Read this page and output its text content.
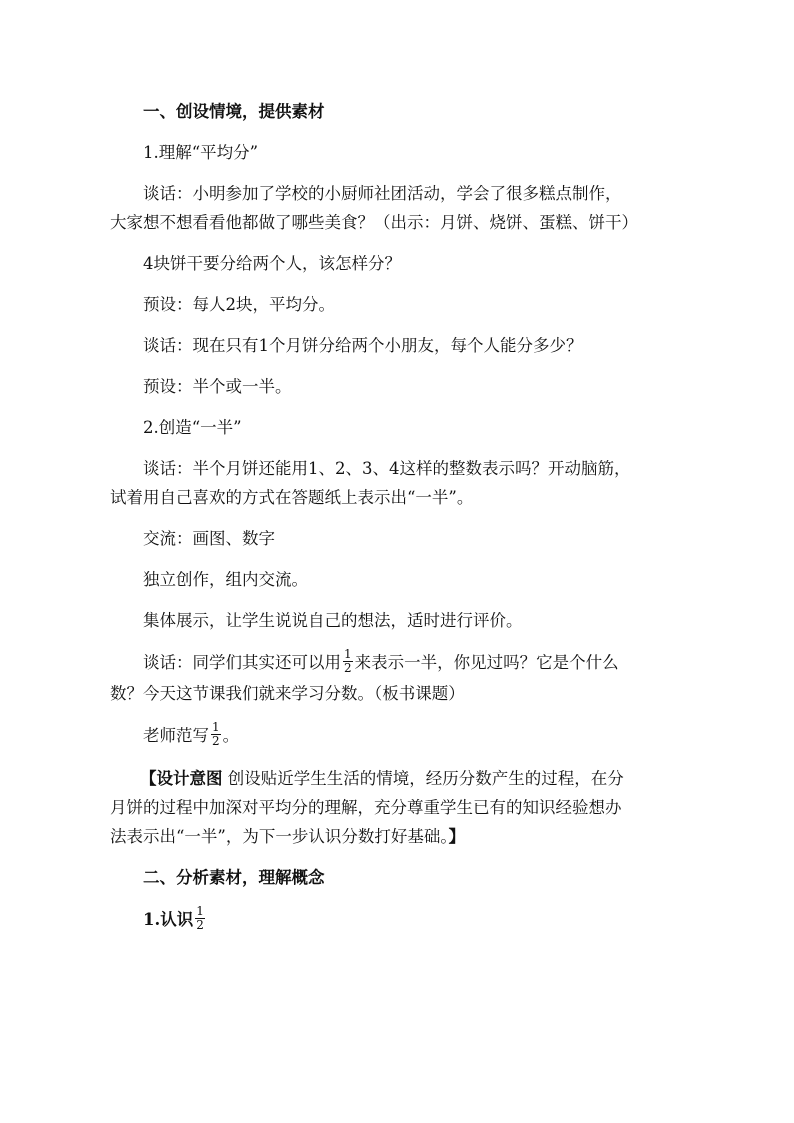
一、创设情境，提供素材

1.理解“平均分”

谈话：小明参加了学校的小厨师社团活动，学会了很多糕点制作，

大家想不想看看他都做了哪些美食？（出示：月饼、烧饼、蛋糕、饼干）

4块饼干要分给两个人，该怎样分？

预设：每人2块，平均分。

谈话：现在只有1个月饼分给两个小朋友，每个人能分多少？

预设：半个或一半。

2.创造“一半”

谈话：半个月饼还能用1、2、3、4这样的整数表示吗？开动脑筋，

试着用自己喜欢的方式在答题纸上表示出“一半”。

交流：画图、数字

独立创作，组内交流。

集体展示，让学生说说自己的想法，适时进行评价。

谈话：同学们其实还可以用 $\frac{1}{2}$ 来表示一半，你见过吗？它是个什么

数？今天这节课我们就来学习分数。（板书课题）

老师范写 $\frac{1}{2}$ 。

【设计意图 创设贴近学生生活的情境，经历分数产生的过程，在分

月饼的过程中加深对平均分的理解，充分尊重学生已有的知识经验想办

法表示出“一半”，为下一步认识分数打好基础。】

二、分析素材，理解概念

1.认识 $\frac{1}{2}$
